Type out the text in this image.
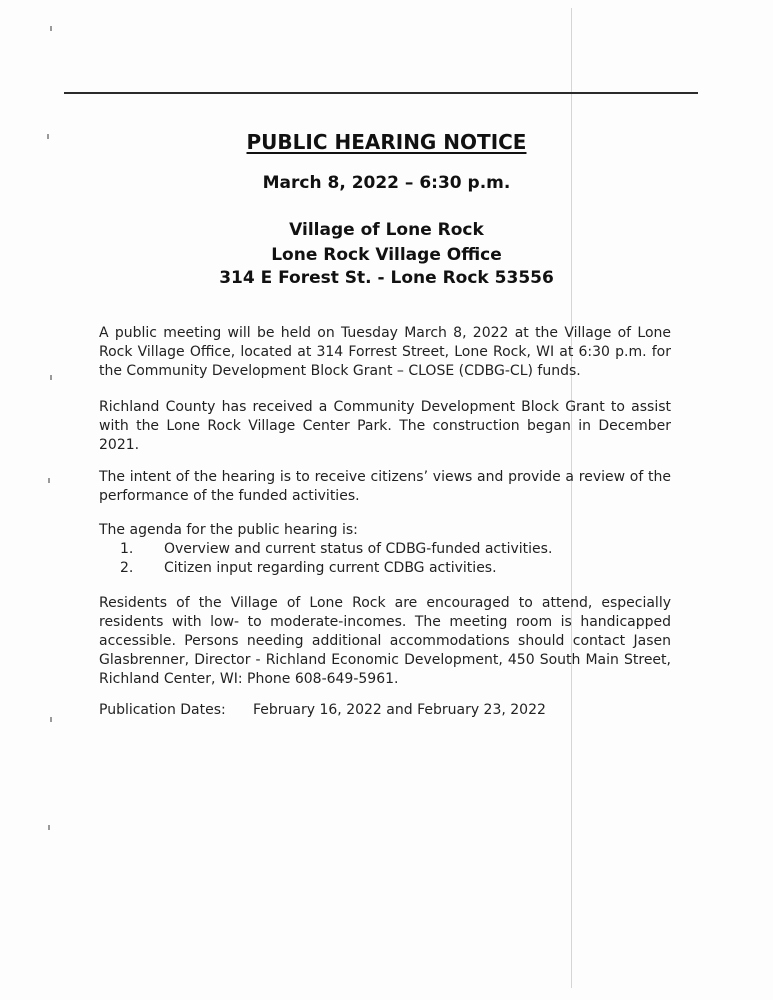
PUBLIC HEARING NOTICE
March 8, 2022 – 6:30 p.m.
Village of Lone Rock
Lone Rock Village Office
314 E Forest St. - Lone Rock 53556
A public meeting will be held on Tuesday March 8, 2022 at the Village of Lone Rock Village Office, located at 314 Forrest Street, Lone Rock, WI at 6:30 p.m. for the Community Development Block Grant – CLOSE (CDBG-CL) funds.
Richland County has received a Community Development Block Grant to assist with the Lone Rock Village Center Park. The construction began in December 2021.
The intent of the hearing is to receive citizens’ views and provide a review of the performance of the funded activities.
The agenda for the public hearing is:
1. Overview and current status of CDBG-funded activities.
2. Citizen input regarding current CDBG activities.
Residents of the Village of Lone Rock are encouraged to attend, especially residents with low- to moderate-incomes. The meeting room is handicapped accessible. Persons needing additional accommodations should contact Jasen Glasbrenner, Director - Richland Economic Development, 450 South Main Street, Richland Center, WI: Phone 608-649-5961.
Publication Dates: February 16, 2022 and February 23, 2022
